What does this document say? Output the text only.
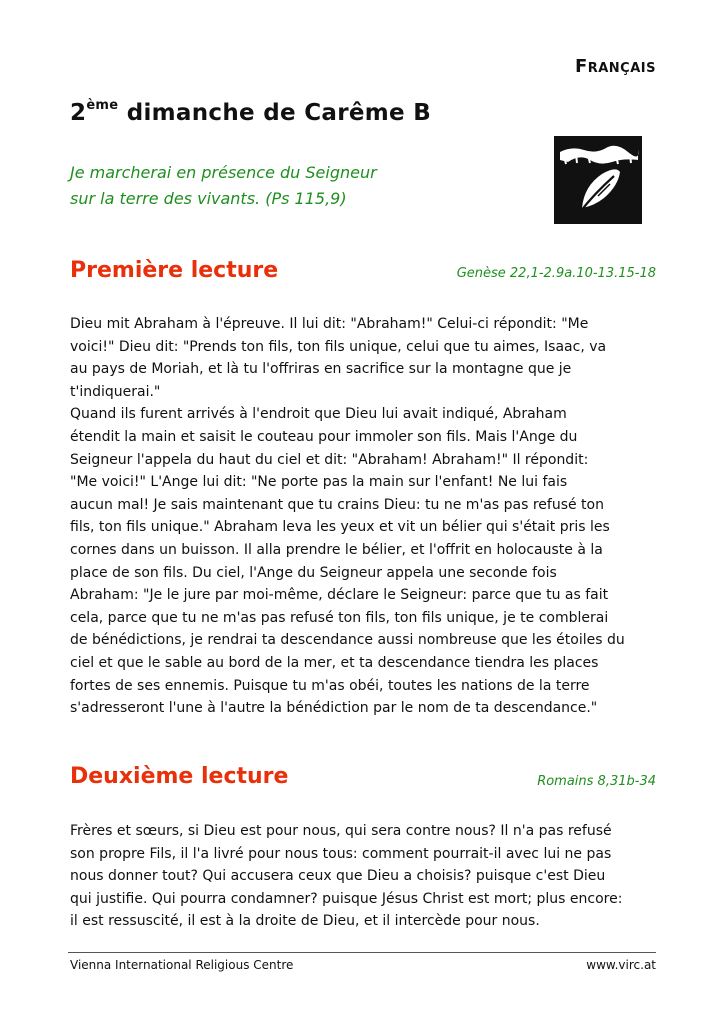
Français
2ème dimanche de Carême B
Je marcherai en présence du Seigneur
sur la terre des vivants. (Ps 115,9)
Première lecture	Genèse 22,1-2.9a.10-13.15-18
Dieu mit Abraham à l'épreuve. Il lui dit: "Abraham!" Celui-ci répondit: "Me
voici!" Dieu dit: "Prends ton fils, ton fils unique, celui que tu aimes, Isaac, va
au pays de Moriah, et là tu l'offriras en sacrifice sur la montagne que je
t'indiquerai."
Quand ils furent arrivés à l'endroit que Dieu lui avait indiqué, Abraham
étendit la main et saisit le couteau pour immoler son fils. Mais l'Ange du
Seigneur l'appela du haut du ciel et dit: "Abraham! Abraham!" Il répondit:
"Me voici!" L'Ange lui dit: "Ne porte pas la main sur l'enfant! Ne lui fais
aucun mal! Je sais maintenant que tu crains Dieu: tu ne m'as pas refusé ton
fils, ton fils unique." Abraham leva les yeux et vit un bélier qui s'était pris les
cornes dans un buisson. Il alla prendre le bélier, et l'offrit en holocauste à la
place de son fils. Du ciel, l'Ange du Seigneur appela une seconde fois
Abraham: "Je le jure par moi-même, déclare le Seigneur: parce que tu as fait
cela, parce que tu ne m'as pas refusé ton fils, ton fils unique, je te comblerai
de bénédictions, je rendrai ta descendance aussi nombreuse que les étoiles du
ciel et que le sable au bord de la mer, et ta descendance tiendra les places
fortes de ses ennemis. Puisque tu m'as obéi, toutes les nations de la terre
s'adresseront l'une à l'autre la bénédiction par le nom de ta descendance."
Deuxième lecture	Romains 8,31b-34
Frères et sœurs, si Dieu est pour nous, qui sera contre nous? Il n'a pas refusé
son propre Fils, il l'a livré pour nous tous: comment pourrait-il avec lui ne pas
nous donner tout? Qui accusera ceux que Dieu a choisis? puisque c'est Dieu
qui justifie. Qui pourra condamner? puisque Jésus Christ est mort; plus encore:
il est ressuscité, il est à la droite de Dieu, et il intercède pour nous.
Vienna International Religious Centre	www.virc.at
